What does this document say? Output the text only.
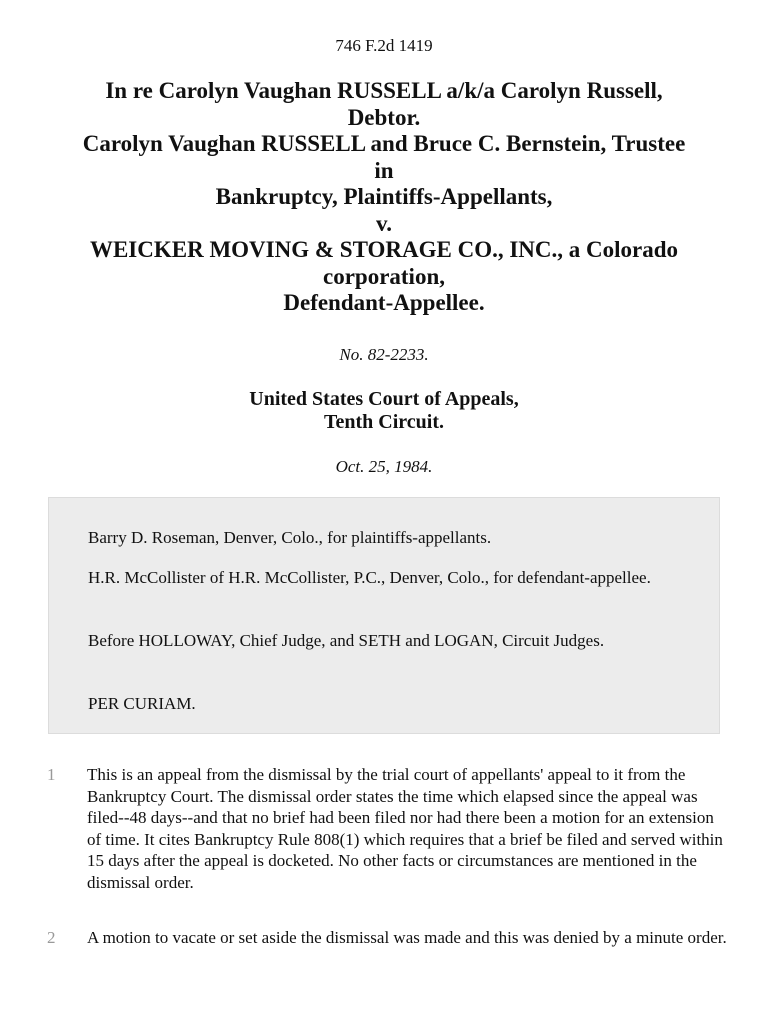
746 F.2d 1419
In re Carolyn Vaughan RUSSELL a/k/a Carolyn Russell,
Debtor.
Carolyn Vaughan RUSSELL and Bruce C. Bernstein, Trustee
in
Bankruptcy, Plaintiffs-Appellants,
v.
WEICKER MOVING & STORAGE CO., INC., a Colorado
corporation,
Defendant-Appellee.
No. 82-2233.
United States Court of Appeals,
Tenth Circuit.
Oct. 25, 1984.

Barry D. Roseman, Denver, Colo., for plaintiffs-appellants.

H.R. McCollister of H.R. McCollister, P.C., Denver, Colo., for defendant-appellee.

Before HOLLOWAY, Chief Judge, and SETH and LOGAN, Circuit Judges.

PER CURIAM.

1 This is an appeal from the dismissal by the trial court of appellants' appeal to it from the Bankruptcy Court. The dismissal order states the time which elapsed since the appeal was filed--48 days--and that no brief had been filed nor had there been a motion for an extension of time. It cites Bankruptcy Rule 808(1) which requires that a brief be filed and served within 15 days after the appeal is docketed. No other facts or circumstances are mentioned in the dismissal order.
2 A motion to vacate or set aside the dismissal was made and this was denied by a minute order.
